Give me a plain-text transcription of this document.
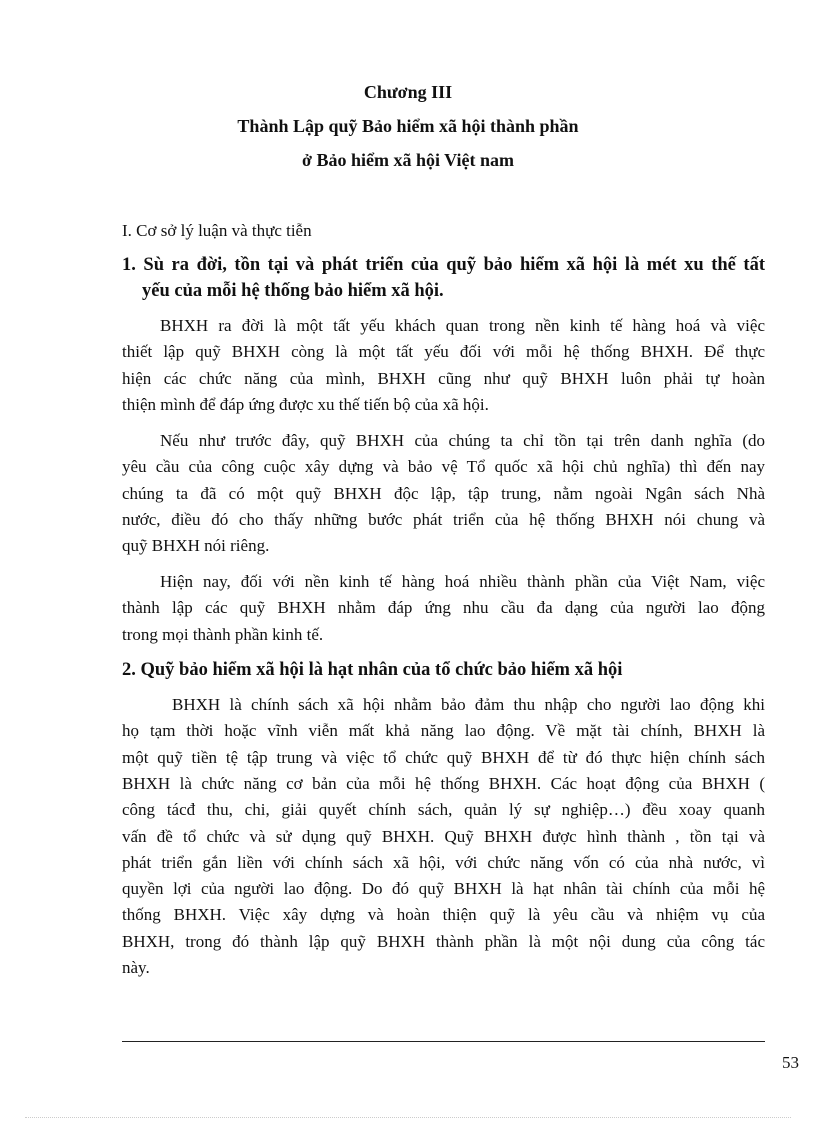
53
Chương III
Thành Lập quỹ Bảo hiểm xã hội thành phần
ở Bảo hiểm xã hội Việt nam
I. Cơ sở lý luận và thực tiễn
1. Sù ra đời, tồn tại và phát triển của quỹ bảo hiểm xã hội là mét xu thế tất
yếu của mỗi hệ thống bảo hiểm xã hội.
BHXH ra đời là một tất yếu khách quan trong nền kinh tế hàng hoá và việc
thiết lập quỹ BHXH còng là một tất yếu đối với mỗi hệ thống BHXH. Để thực
hiện các chức năng của mình, BHXH cũng như quỹ BHXH luôn phải tự hoàn
thiện mình để đáp ứng được xu thế tiến bộ của xã hội.
Nếu như trước đây, quỹ BHXH của chúng ta chỉ tồn tại trên danh nghĩa (do
yêu cầu của công cuộc xây dựng và bảo vệ Tổ quốc xã hội chủ nghĩa) thì đến nay
chúng ta đã có một quỹ BHXH độc lập, tập trung, nằm ngoài Ngân sách Nhà
nước, điều đó cho thấy những bước phát triển của hệ thống BHXH nói chung và
quỹ BHXH nói riêng.
Hiện nay, đối với nền kinh tế hàng hoá nhiều thành phần của Việt Nam, việc
thành lập các quỹ BHXH nhằm đáp ứng nhu cầu đa dạng của người lao động
trong mọi thành phần kinh tế.
2. Quỹ bảo hiểm xã hội là hạt nhân của tổ chức bảo hiểm xã hội
BHXH là chính sách xã hội nhằm bảo đảm thu nhập cho người lao động khi
họ tạm thời hoặc vĩnh viễn mất khả năng lao động. Về mặt tài chính, BHXH là
một quỹ tiền tệ tập trung và việc tổ chức quỹ BHXH để từ đó thực hiện chính sách
BHXH là chức năng cơ bản của mỗi hệ thống BHXH. Các hoạt động của BHXH (
công tácđ thu, chi, giải quyết chính sách, quản lý sự nghiệp…) đều xoay quanh
vấn đề tổ chức và sử dụng quỹ BHXH. Quỹ BHXH được hình thành , tồn tại và
phát triển gắn liền với chính sách xã hội, với chức năng vốn có của nhà nước, vì
quyền lợi của người lao động. Do đó quỹ BHXH là hạt nhân tài chính của mỗi hệ
thống BHXH. Việc xây dựng và hoàn thiện quỹ là yêu cầu và nhiệm vụ của
BHXH, trong đó thành lập quỹ BHXH thành phần là một nội dung của công tác
này.
